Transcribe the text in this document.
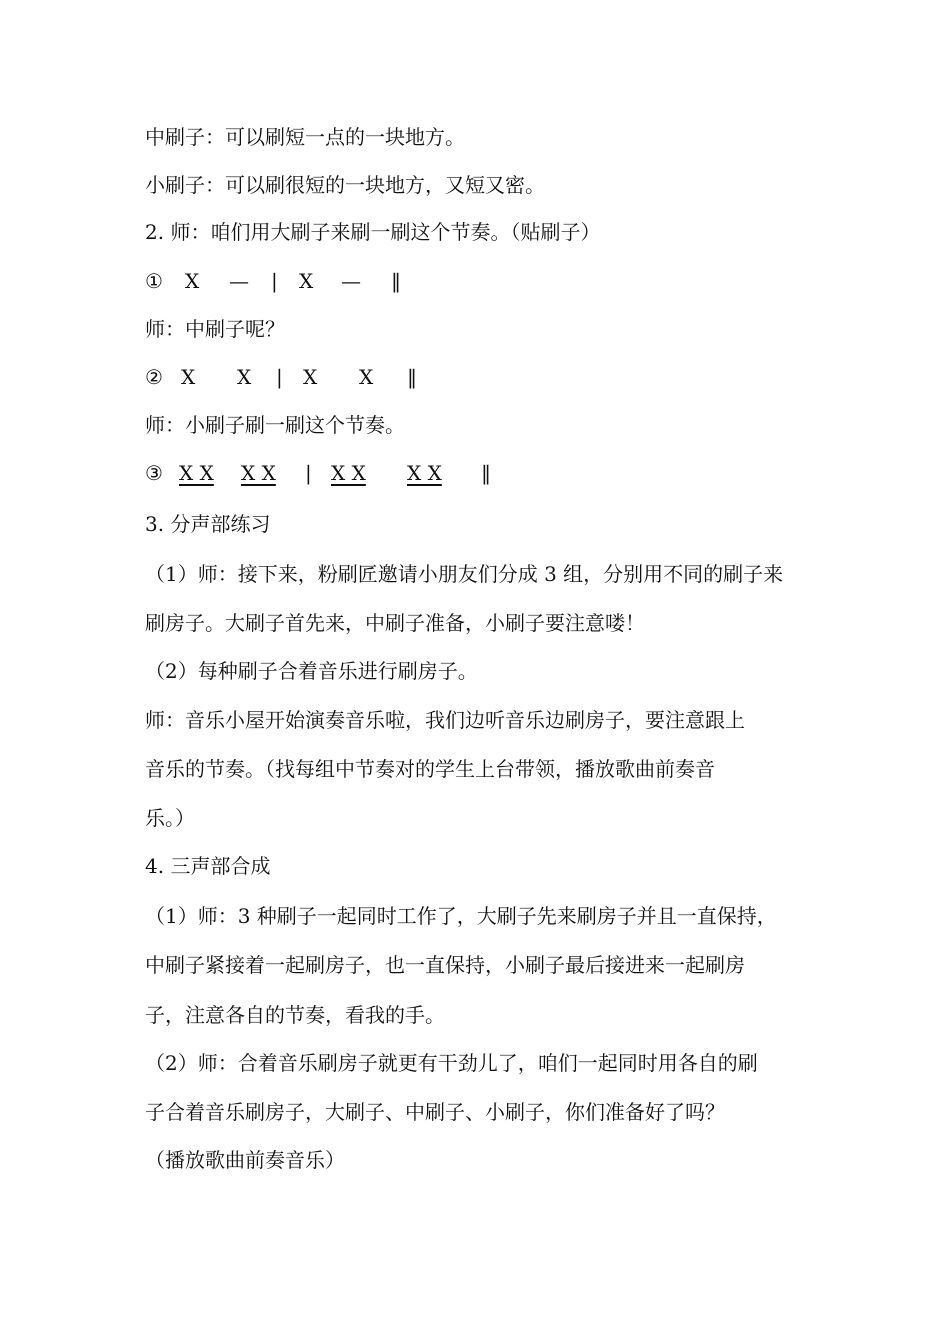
中刷子：可以刷短一点的一块地方。
小刷子：可以刷很短的一块地方，又短又密。
2. 师：咱们用大刷子来刷一刷这个节奏。（贴刷子）
① X — | X — ‖
师：中刷子呢？
② X X | X X ‖
师：小刷子刷一刷这个节奏。
③ X X X X | X X X X ‖
3. 分声部练习
（1）师：接下来，粉刷匠邀请小朋友们分成 3 组，分别用不同的刷子来
刷房子。大刷子首先来，中刷子准备，小刷子要注意喽！
（2）每种刷子合着音乐进行刷房子。
师：音乐小屋开始演奏音乐啦，我们边听音乐边刷房子，要注意跟上
音乐的节奏。（找每组中节奏对的学生上台带领，播放歌曲前奏音
乐。）
4. 三声部合成
（1）师：3 种刷子一起同时工作了，大刷子先来刷房子并且一直保持，
中刷子紧接着一起刷房子，也一直保持，小刷子最后接进来一起刷房
子，注意各自的节奏，看我的手。
（2）师：合着音乐刷房子就更有干劲儿了，咱们一起同时用各自的刷
子合着音乐刷房子，大刷子、中刷子、小刷子，你们准备好了吗？
（播放歌曲前奏音乐）
